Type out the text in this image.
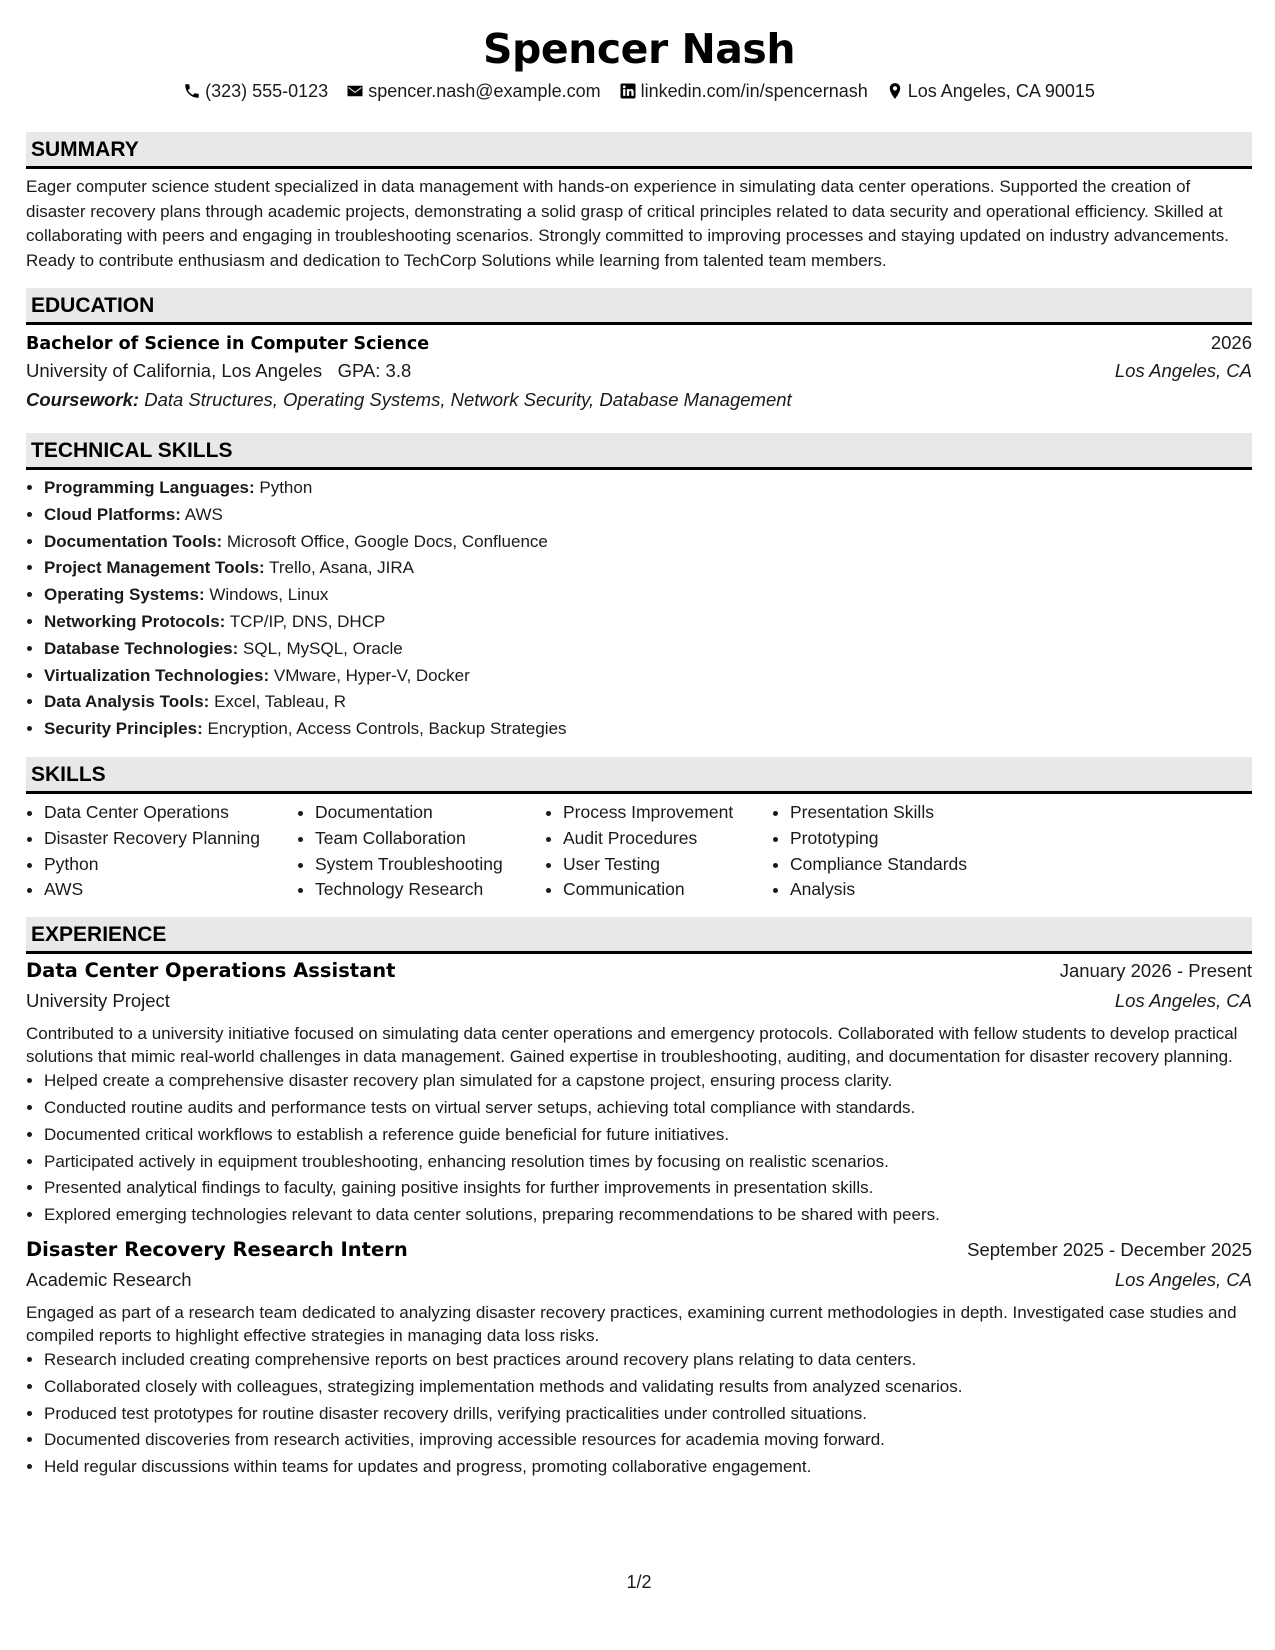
Spencer Nash
(323) 555-0123 spencer.nash@example.com linkedin.com/in/spencernash Los Angeles, CA 90015
SUMMARY

Eager computer science student specialized in data management with hands-on experience in simulating data center operations. Supported the creation of disaster recovery plans through academic projects, demonstrating a solid grasp of critical principles related to data security and operational efficiency. Skilled at collaborating with peers and engaging in troubleshooting scenarios. Strongly committed to improving processes and staying updated on industry advancements. Ready to contribute enthusiasm and dedication to TechCorp Solutions while learning from talented team members.

EDUCATION
Bachelor of Science in Computer Science	2026
University of California, Los Angeles GPA: 3.8	Los Angeles, CA
Coursework: Data Structures, Operating Systems, Network Security, Database Management
TECHNICAL SKILLS
• Programming Languages: Python
• Cloud Platforms: AWS
• Documentation Tools: Microsoft Office, Google Docs, Confluence
• Project Management Tools: Trello, Asana, JIRA
• Operating Systems: Windows, Linux
• Networking Protocols: TCP/IP, DNS, DHCP
• Database Technologies: SQL, MySQL, Oracle
• Virtualization Technologies: VMware, Hyper-V, Docker
• Data Analysis Tools: Excel, Tableau, R
• Security Principles: Encryption, Access Controls, Backup Strategies
SKILLS
• Data Center Operations
• Disaster Recovery Planning
• Python
• AWS
• Documentation
• Team Collaboration
• System Troubleshooting
• Technology Research
• Process Improvement
• Audit Procedures
• User Testing
• Communication
• Presentation Skills
• Prototyping
• Compliance Standards
• Analysis
EXPERIENCE
Data Center Operations Assistant	January 2026 - Present
University Project	Los Angeles, CA

Contributed to a university initiative focused on simulating data center operations and emergency protocols. Collaborated with fellow students to develop practical solutions that mimic real-world challenges in data management. Gained expertise in troubleshooting, auditing, and documentation for disaster recovery planning.

• Helped create a comprehensive disaster recovery plan simulated for a capstone project, ensuring process clarity.
• Conducted routine audits and performance tests on virtual server setups, achieving total compliance with standards.
• Documented critical workflows to establish a reference guide beneficial for future initiatives.
• Participated actively in equipment troubleshooting, enhancing resolution times by focusing on realistic scenarios.
• Presented analytical findings to faculty, gaining positive insights for further improvements in presentation skills.
• Explored emerging technologies relevant to data center solutions, preparing recommendations to be shared with peers.
Disaster Recovery Research Intern	September 2025 - December 2025
Academic Research	Los Angeles, CA

Engaged as part of a research team dedicated to analyzing disaster recovery practices, examining current methodologies in depth. Investigated case studies and compiled reports to highlight effective strategies in managing data loss risks.

• Research included creating comprehensive reports on best practices around recovery plans relating to data centers.
• Collaborated closely with colleagues, strategizing implementation methods and validating results from analyzed scenarios.
• Produced test prototypes for routine disaster recovery drills, verifying practicalities under controlled situations.
• Documented discoveries from research activities, improving accessible resources for academia moving forward.
• Held regular discussions within teams for updates and progress, promoting collaborative engagement.
1/2
